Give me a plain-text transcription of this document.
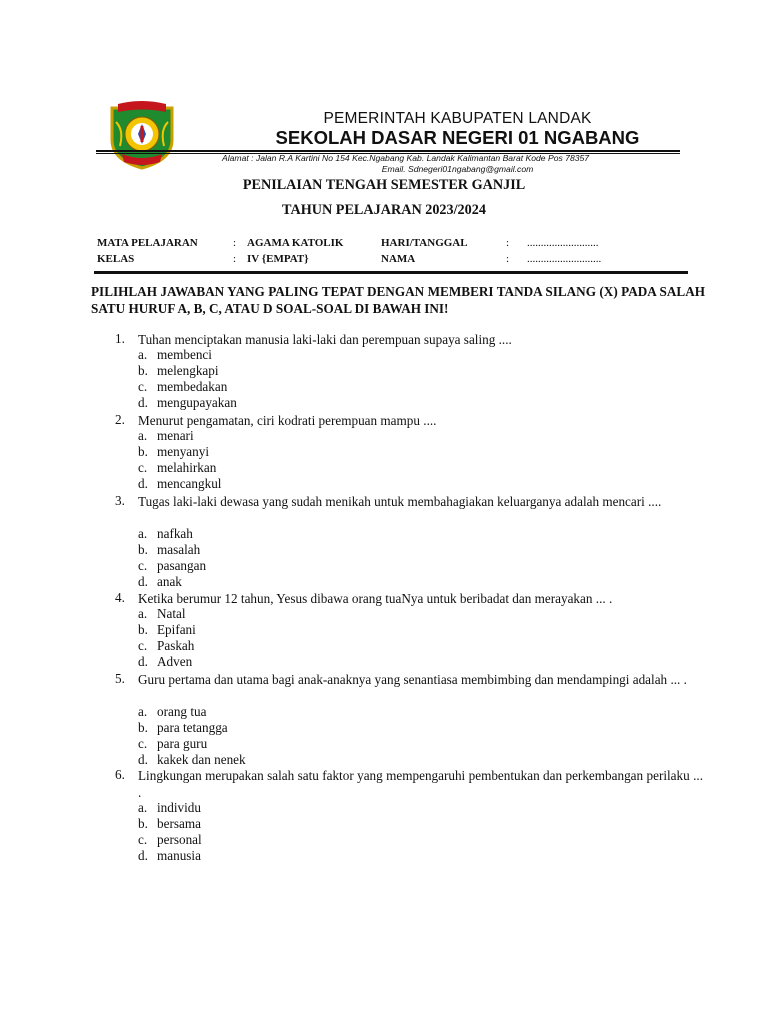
PEMERINTAH KABUPATEN LANDAK
SEKOLAH DASAR NEGERI 01 NGABANG
Alamat : Jalan R.A Kartini No 154 Kec.Ngabang Kab. Landak Kalimantan Barat Kode Pos 78357
Email. Sdnegeri01ngabang@gmail.com
PENILAIAN TENGAH SEMESTER GANJIL
TAHUN PELAJARAN 2023/2024
MATA PELAJARAN	: AGAMA KATOLIK	HARI/TANGGAL	: ..........................
KELAS	: IV {EMPAT}	NAMA	: ...........................
PILIHLAH JAWABAN YANG PALING TEPAT DENGAN MEMBERI TANDA SILANG (X) PADA SALAH SATU HURUF A, B, C, ATAU D SOAL-SOAL DI BAWAH INI!
1. Tuhan menciptakan manusia laki-laki dan perempuan supaya saling ....
a. membenci
b. melengkapi
c. membedakan
d. mengupayakan
2. Menurut pengamatan, ciri kodrati perempuan mampu ....
a. menari
b. menyanyi
c. melahirkan
d. mencangkul
3. Tugas laki-laki dewasa yang sudah menikah untuk membahagiakan keluarganya adalah mencari ....
a. nafkah
b. masalah
c. pasangan
d. anak
4. Ketika berumur 12 tahun, Yesus dibawa orang tuaNya untuk beribadat dan merayakan ... .
a. Natal
b. Epifani
c. Paskah
d. Adven
5. Guru pertama dan utama bagi anak-anaknya yang senantiasa membimbing dan mendampingi adalah ... .
a. orang tua
b. para tetangga
c. para guru
d. kakek dan nenek
6. Lingkungan merupakan salah satu faktor yang mempengaruhi pembentukan dan perkembangan perilaku ... .
a. individu
b. bersama
c. personal
d. manusia
